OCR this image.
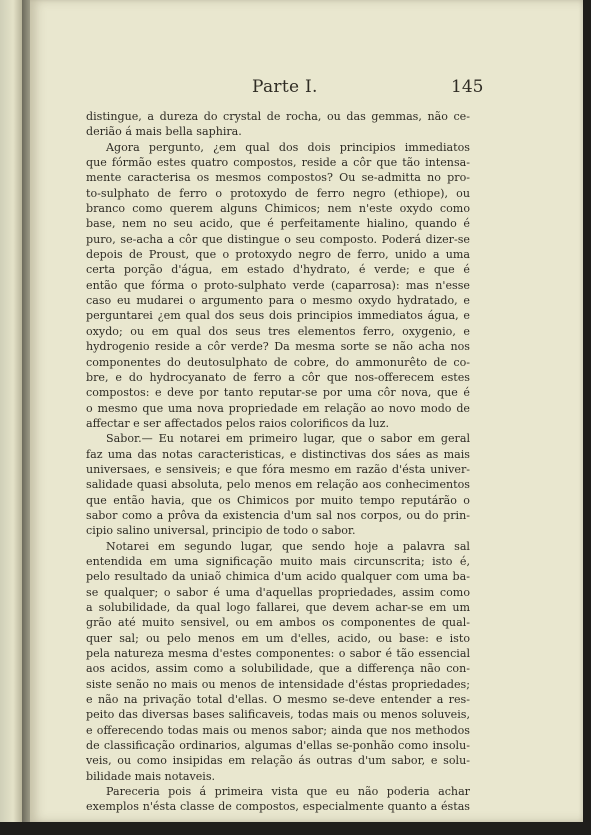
Parte I.	145
distingue, a dureza do crystal de rocha, ou das gemmas, não ce-
derião á mais bella saphira.
Agora pergunto, ¿em qual dos dois principios immediatos
que fórmão estes quatro compostos, reside a côr que tão intensa-
mente caracterisa os mesmos compostos? Ou se-admitta no pro-
to-sulphato de ferro o protoxydo de ferro negro (ethiope), ou
branco como querem alguns Chimicos; nem n'este oxydo como
base, nem no seu acido, que é perfeitamente hialino, quando é
puro, se-acha a côr que distingue o seu composto. Poderá dizer-se
depois de Proust, que o protoxydo negro de ferro, unido a uma
certa porção d'água, em estado d'hydrato, é verde; e que é
então que fórma o proto-sulphato verde (caparrosa): mas n'esse
caso eu mudarei o argumento para o mesmo oxydo hydratado, e
perguntarei ¿em qual dos seus dois principios immediatos água, e
oxydo; ou em qual dos seus tres elementos ferro, oxygenio, e
hydrogenio reside a côr verde? Da mesma sorte se não acha nos
componentes do deutosulphato de cobre, do ammonurêto de co-
bre, e do hydrocyanato de ferro a côr que nos-offerecem estes
compostos: e deve por tanto reputar-se por uma côr nova, que é
o mesmo que uma nova propriedade em relação ao novo modo de
affectar e ser affectados pelos raios colorificos da luz.
Sabor.— Eu notarei em primeiro lugar, que o sabor em geral
faz uma das notas caracteristicas, e distinctivas dos sáes as mais
universaes, e sensiveis; e que fóra mesmo em razão d'ésta univer-
salidade quasi absoluta, pelo menos em relação aos conhecimentos
que então havia, que os Chimicos por muito tempo reputárão o
sabor como a prôva da existencia d'um sal nos corpos, ou do prin-
cipio salino universal, principio de todo o sabor.
Notarei em segundo lugar, que sendo hoje a palavra sal
entendida em uma significação muito mais circunscrita; isto é,
pelo resultado da uniaõ chimica d'um acido qualquer com uma ba-
se qualquer; o sabor é uma d'aquellas propriedades, assim como
a solubilidade, da qual logo fallarei, que devem achar-se em um
grão até muito sensivel, ou em ambos os componentes de qual-
quer sal; ou pelo menos em um d'elles, acido, ou base: e isto
pela natureza mesma d'estes componentes: o sabor é tão essencial
aos acidos, assim como a solubilidade, que a differença não con-
siste senão no mais ou menos de intensidade d'éstas propriedades;
e não na privação total d'ellas. O mesmo se-deve entender a res-
peito das diversas bases salificaveis, todas mais ou menos soluveis,
e offerecendo todas mais ou menos sabor; ainda que nos methodos
de classificação ordinarios, algumas d'ellas se-ponhão como insolu-
veis, ou como insipidas em relação ás outras d'um sabor, e solu-
bilidade mais notaveis.
Pareceria pois á primeira vista que eu não poderia achar
exemplos n'ésta classe de compostos, especialmente quanto a éstas
